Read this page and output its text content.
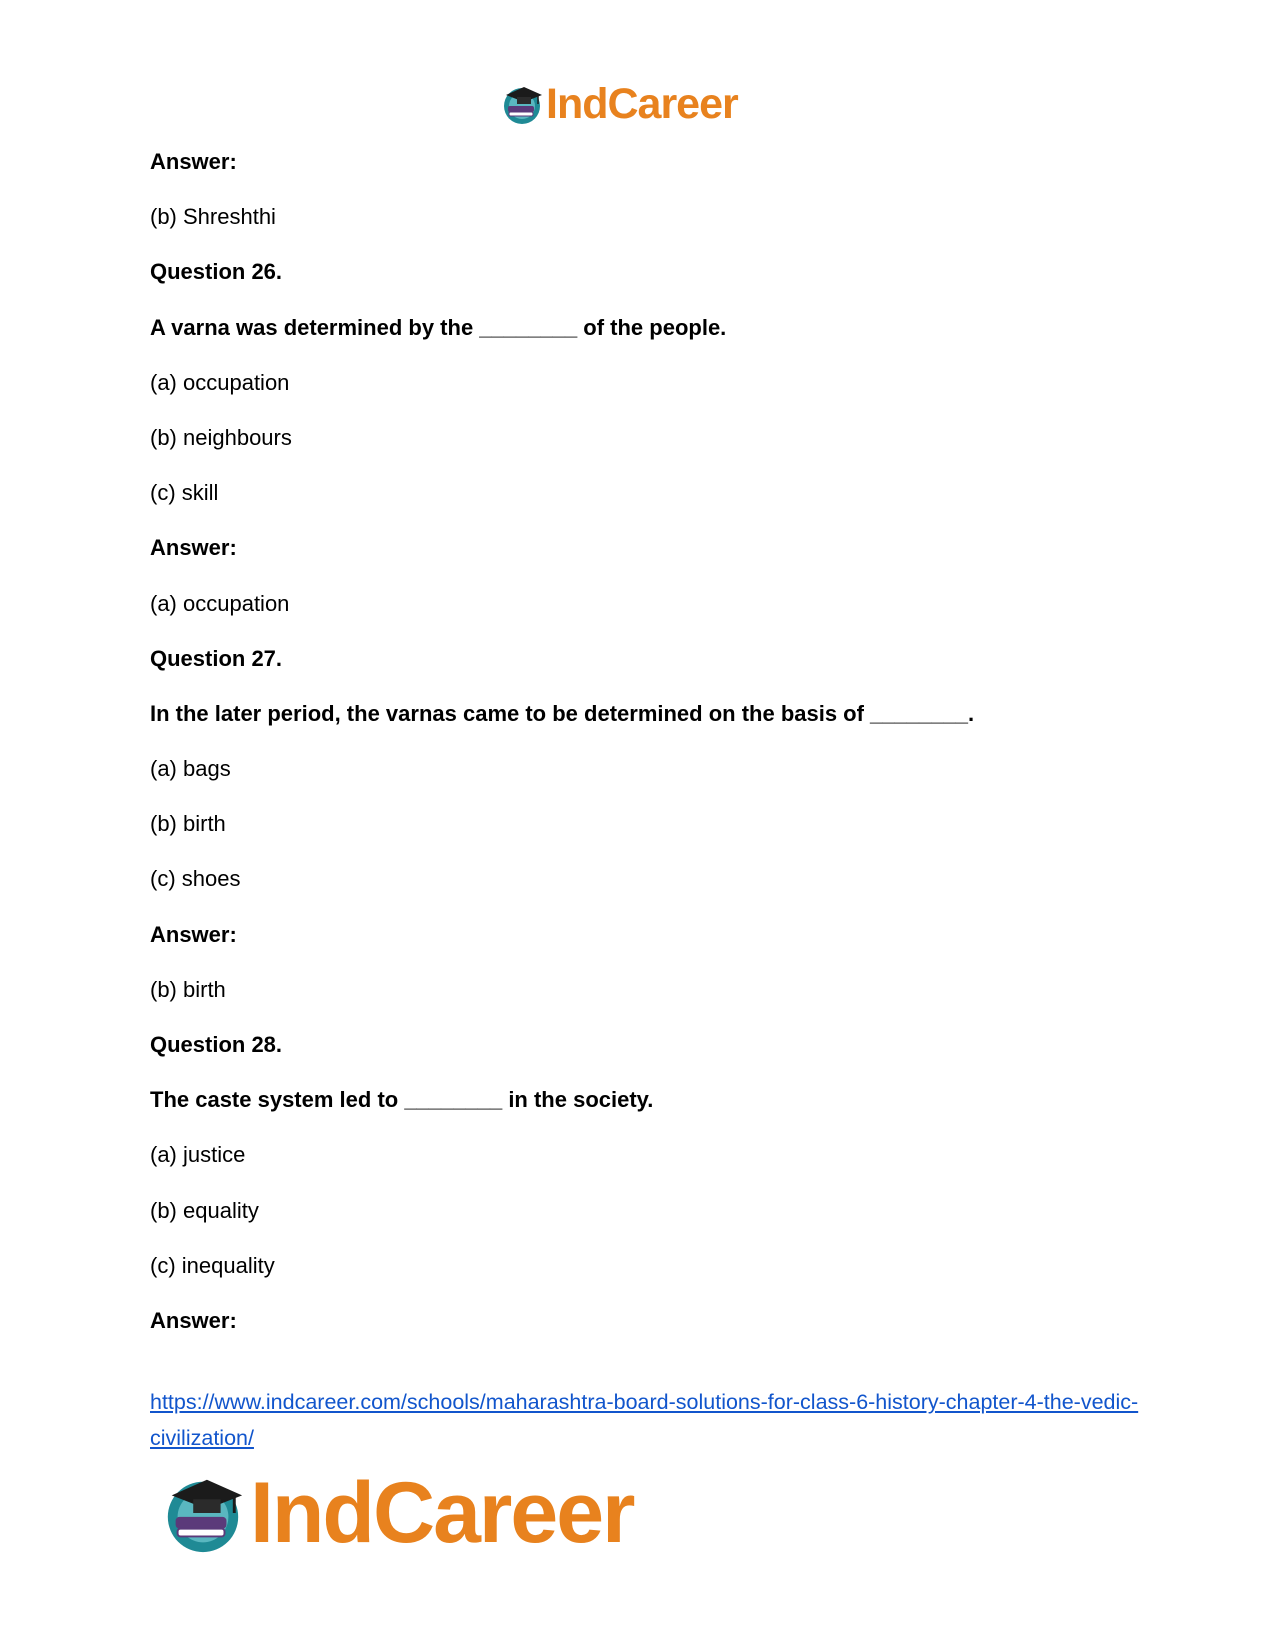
IndCareer
Answer:
(b) Shreshthi
Question 26.
A varna was determined by the ________ of the people.
(a) occupation
(b) neighbours
(c) skill
Answer:
(a) occupation
Question 27.
In the later period, the varnas came to be determined on the basis of ________.
(a) bags
(b) birth
(c) shoes
Answer:
(b) birth
Question 28.
The caste system led to ________ in the society.
(a) justice
(b) equality
(c) inequality
Answer:
https://www.indcareer.com/schools/maharashtra-board-solutions-for-class-6-history-chapter-4-the-vedic-civilization/
IndCareer
